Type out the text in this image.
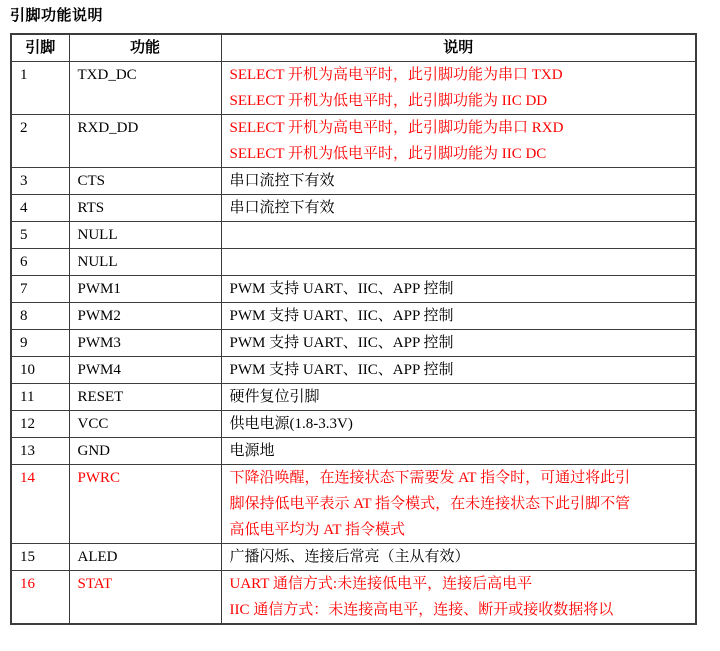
引脚功能说明
引脚	功能	说明
1	TXD_DC	SELECT 开机为高电平时，此引脚功能为串口 TXD
SELECT 开机为低电平时，此引脚功能为 IIC DD

2	RXD_DD	SELECT 开机为高电平时，此引脚功能为串口 RXD
SELECT 开机为低电平时，此引脚功能为 IIC DC

3	CTS	串口流控下有效

4	RTS	串口流控下有效

5	NULL	
6	NULL	
7	PWM1	PWM 支持 UART、IIC、APP 控制

8	PWM2	PWM 支持 UART、IIC、APP 控制

9	PWM3	PWM 支持 UART、IIC、APP 控制

10	PWM4	PWM 支持 UART、IIC、APP 控制

11	RESET	硬件复位引脚

12	VCC	供电电源(1.8-3.3V)

13	GND	电源地

14	PWRC	下降沿唤醒，在连接状态下需要发 AT 指令时，可通过将此引
脚保持低电平表示 AT 指令模式，在未连接状态下此引脚不管
高低电平均为 AT 指令模式

15	ALED	广播闪烁、连接后常亮（主从有效）

16	STAT	UART 通信方式:未连接低电平，连接后高电平
IIC 通信方式：未连接高电平，连接、断开或接收数据将以
